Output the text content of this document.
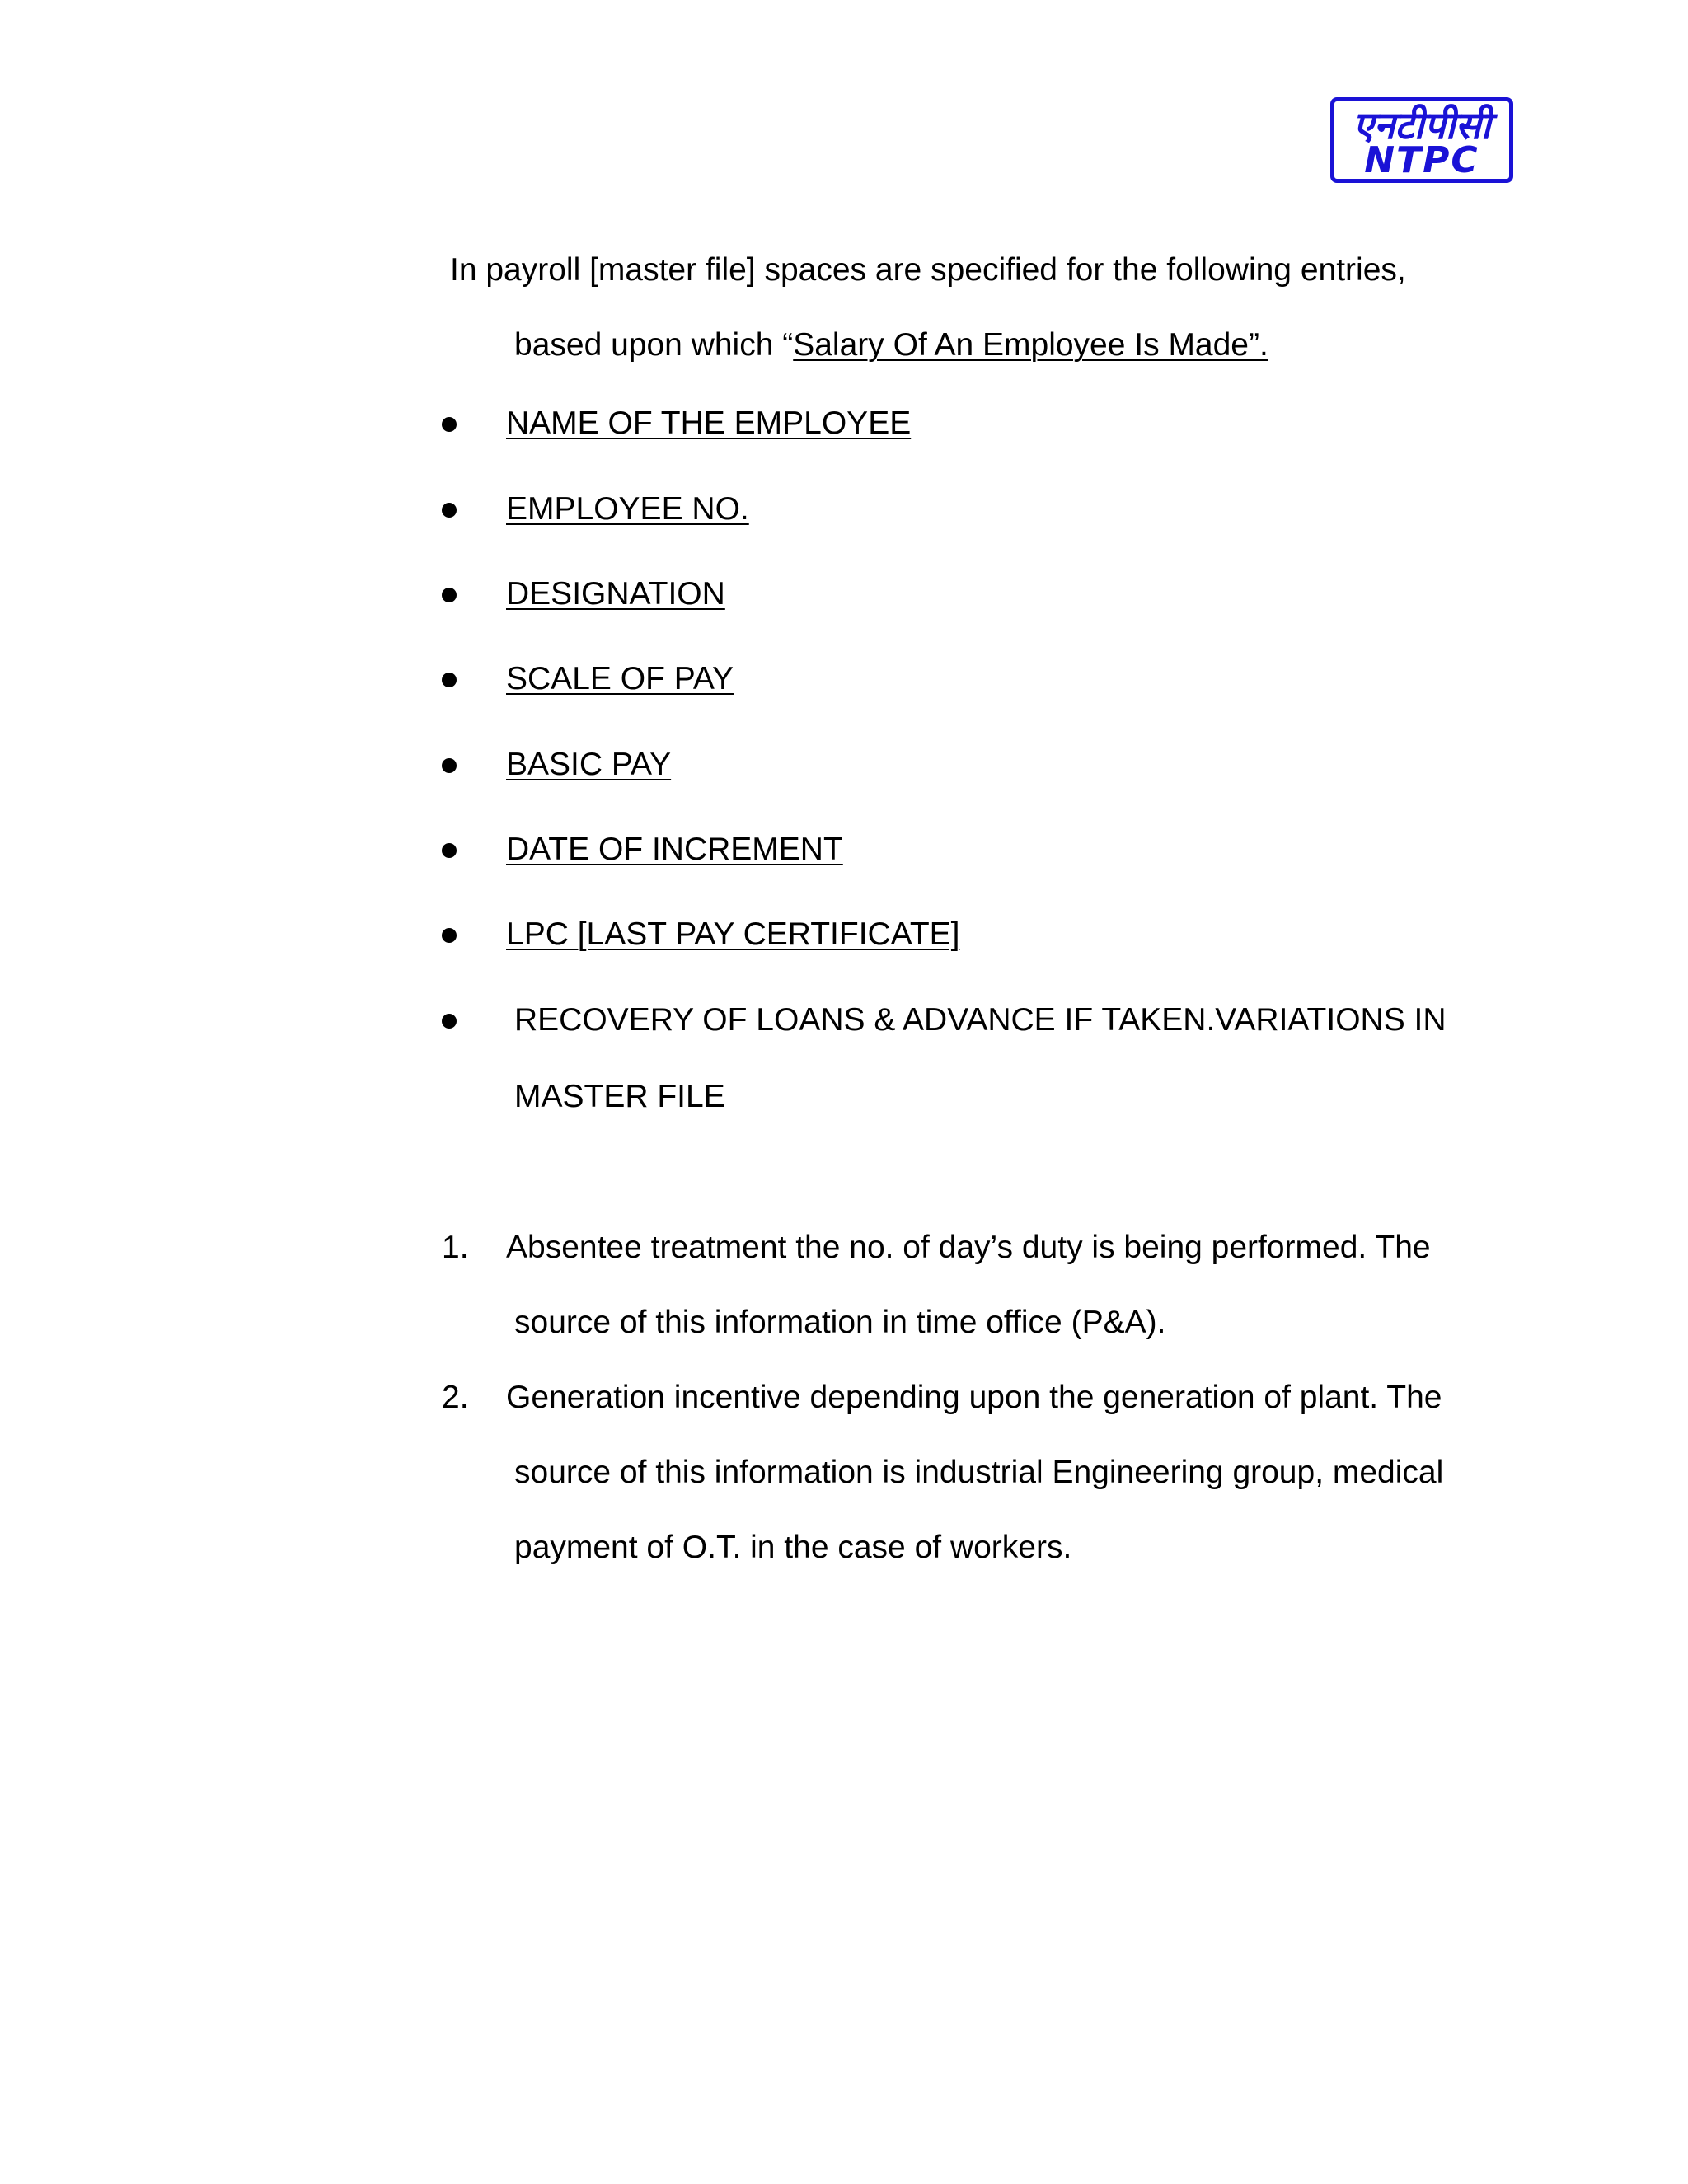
एनटीपीसी
NTPC
In payroll [master file] spaces are specified for the following entries,
based upon which “Salary Of An Employee Is Made”.
NAME OF THE EMPLOYEE
EMPLOYEE NO.
DESIGNATION
SCALE OF PAY
BASIC PAY
DATE OF INCREMENT
LPC [LAST PAY CERTIFICATE]
RECOVERY OF LOANS & ADVANCE IF TAKEN.VARIATIONS IN
MASTER FILE
1. Absentee treatment the no. of day’s duty is being performed. The
source of this information in time office (P&A).
2. Generation incentive depending upon the generation of plant. The
source of this information is industrial Engineering group, medical
payment of O.T. in the case of workers.
